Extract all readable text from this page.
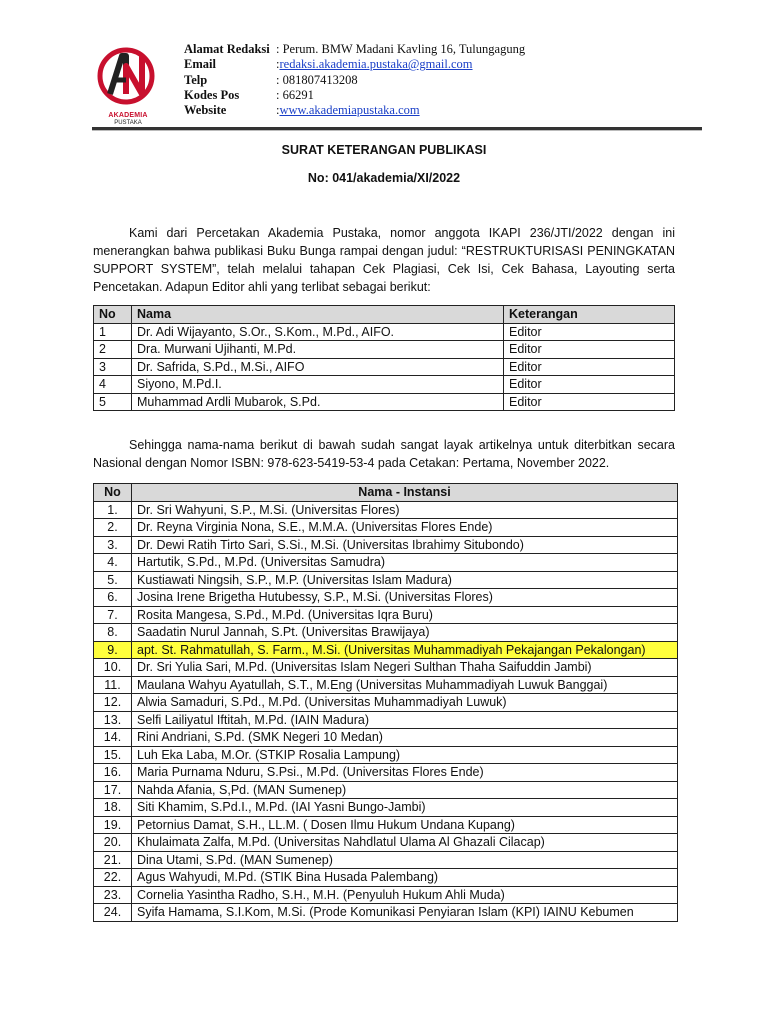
AKADEMIA
PUSTAKA
Alamat Redaksi : Perum. BMW Madani Kavling 16, Tulungagung
Email	: redaksi.akademia.pustaka@gmail.com
Telp	: 081807413208
Kodes Pos	: 66291
Website	: www.akademiapustaka.com
SURAT KETERANGAN PUBLIKASI
No: 041/akademia/XI/2022
Kami dari Percetakan Akademia Pustaka, nomor anggota IKAPI 236/JTI/2022 dengan ini menerangkan bahwa publikasi Buku Bunga rampai dengan judul: “RESTRUKTURISASI PENINGKATAN SUPPORT SYSTEM”, telah melalui tahapan Cek Plagiasi, Cek Isi, Cek Bahasa, Layouting serta Pencetakan. Adapun Editor ahli yang terlibat sebagai berikut:
No	Nama	Keterangan
1	Dr. Adi Wijayanto, S.Or., S.Kom., M.Pd., AIFO.	Editor
2	Dra. Murwani Ujihanti, M.Pd.	Editor
3	Dr. Safrida, S.Pd., M.Si., AIFO	Editor
4	Siyono, M.Pd.I.	Editor
5	Muhammad Ardli Mubarok, S.Pd.	Editor
Sehingga nama-nama berikut di bawah sudah sangat layak artikelnya untuk diterbitkan secara Nasional dengan Nomor ISBN: 978-623-5419-53-4 pada Cetakan: Pertama, November 2022.
No	Nama - Instansi
1.	Dr. Sri Wahyuni, S.P., M.Si. (Universitas Flores)
2.	Dr. Reyna Virginia Nona, S.E., M.M.A. (Universitas Flores Ende)
3.	Dr. Dewi Ratih Tirto Sari, S.Si., M.Si. (Universitas Ibrahimy Situbondo)
4.	Hartutik, S.Pd., M.Pd. (Universitas Samudra)
5.	Kustiawati Ningsih, S.P., M.P. (Universitas Islam Madura)
6.	Josina Irene Brigetha Hutubessy, S.P., M.Si. (Universitas Flores)
7.	Rosita Mangesa, S.Pd., M.Pd. (Universitas Iqra Buru)
8.	Saadatin Nurul Jannah, S.Pt. (Universitas Brawijaya)
9.	apt. St. Rahmatullah, S. Farm., M.Si. (Universitas Muhammadiyah Pekajangan Pekalongan)
10.	Dr. Sri Yulia Sari, M.Pd. (Universitas Islam Negeri Sulthan Thaha Saifuddin Jambi)
11.	Maulana Wahyu Ayatullah, S.T., M.Eng (Universitas Muhammadiyah Luwuk Banggai)
12.	Alwia Samaduri, S.Pd., M.Pd. (Universitas Muhammadiyah Luwuk)
13.	Selfi Lailiyatul Iftitah, M.Pd. (IAIN Madura)
14.	Rini Andriani, S.Pd. (SMK Negeri 10 Medan)
15.	Luh Eka Laba, M.Or. (STKIP Rosalia Lampung)
16.	Maria Purnama Nduru, S.Psi., M.Pd. (Universitas Flores Ende)
17.	Nahda Afania, S,Pd. (MAN Sumenep)
18.	Siti Khamim, S.Pd.I., M.Pd. (IAI Yasni Bungo-Jambi)
19.	Petornius Damat, S.H., LL.M. ( Dosen Ilmu Hukum Undana Kupang)
20.	Khulaimata Zalfa, M.Pd. (Universitas Nahdlatul Ulama Al Ghazali Cilacap)
21.	Dina Utami, S.Pd. (MAN Sumenep)
22.	Agus Wahyudi, M.Pd. (STIK Bina Husada Palembang)
23.	Cornelia Yasintha Radho, S.H., M.H. (Penyuluh Hukum Ahli Muda)
24.	Syifa Hamama, S.I.Kom, M.Si. (Prode Komunikasi Penyiaran Islam (KPI) IAINU Kebumen
